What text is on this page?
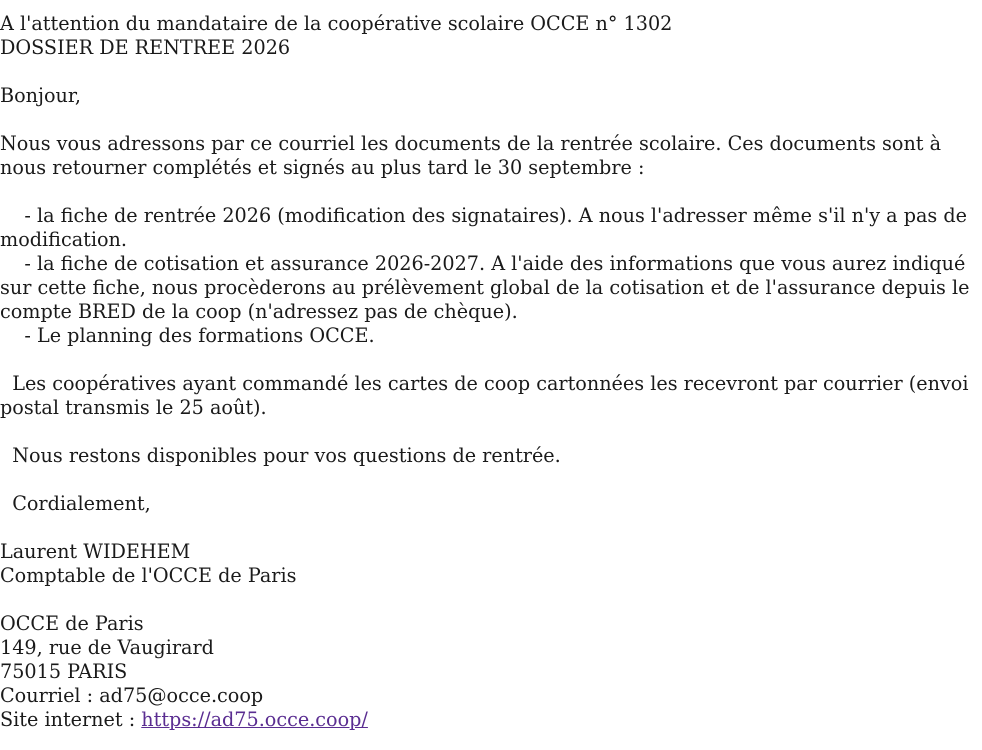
A l'attention du mandataire de la coopérative scolaire OCCE n° 1302
DOSSIER DE RENTREE 2026
Bonjour,
Nous vous adressons par ce courriel les documents de la rentrée scolaire. Ces documents sont à nous retourner complétés et signés au plus tard le 30 septembre :
- la fiche de rentrée 2026 (modification des signataires). A nous l'adresser même s'il n'y a pas de modification.
- la fiche de cotisation et assurance 2026-2027. A l'aide des informations que vous aurez indiqué sur cette fiche, nous procèderons au prélèvement global de la cotisation et de l'assurance depuis le compte BRED de la coop (n'adressez pas de chèque).
- Le planning des formations OCCE.
Les coopératives ayant commandé les cartes de coop cartonnées les recevront par courrier (envoi postal transmis le 25 août).
Nous restons disponibles pour vos questions de rentrée.
Cordialement,
Laurent WIDEHEM
Comptable de l'OCCE de Paris
OCCE de Paris
149, rue de Vaugirard
75015 PARIS
Courriel : ad75@occe.coop
Site internet : https://ad75.occe.coop/
